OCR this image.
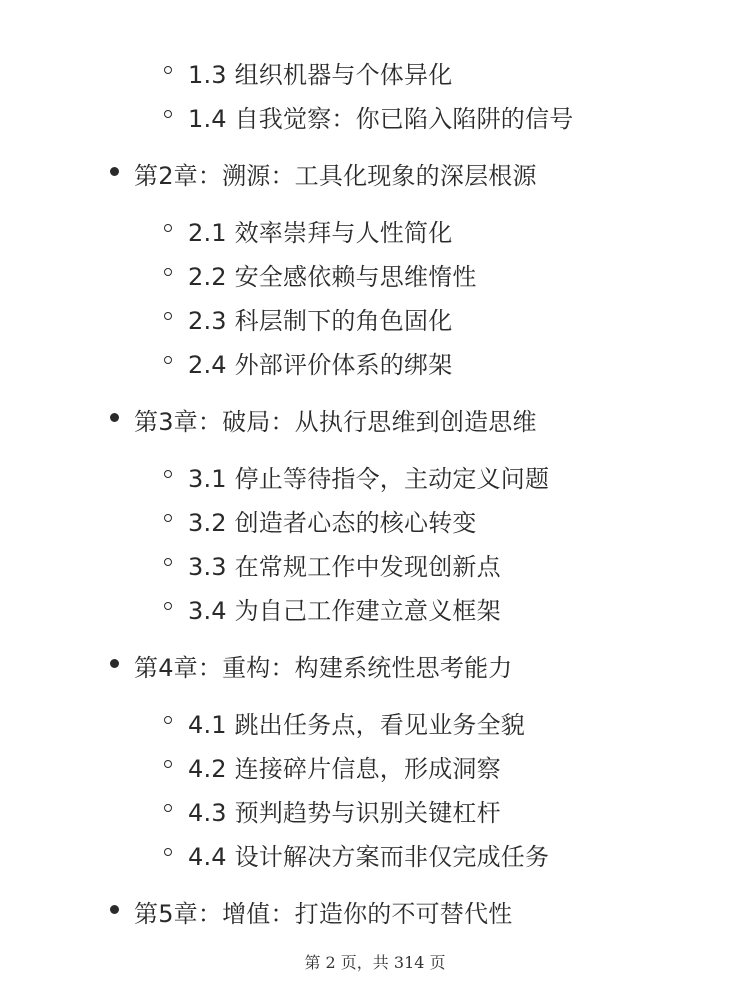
1.3 组织机器与个体异化
1.4 自我觉察：你已陷入陷阱的信号
第2章：溯源：工具化现象的深层根源
2.1 效率崇拜与人性简化
2.2 安全感依赖与思维惰性
2.3 科层制下的角色固化
2.4 外部评价体系的绑架
第3章：破局：从执行思维到创造思维
3.1 停止等待指令，主动定义问题
3.2 创造者心态的核心转变
3.3 在常规工作中发现创新点
3.4 为自己工作建立意义框架
第4章：重构：构建系统性思考能力
4.1 跳出任务点，看见业务全貌
4.2 连接碎片信息，形成洞察
4.3 预判趋势与识别关键杠杆
4.4 设计解决方案而非仅完成任务
第5章：增值：打造你的不可替代性
第 2 页，共 314 页
